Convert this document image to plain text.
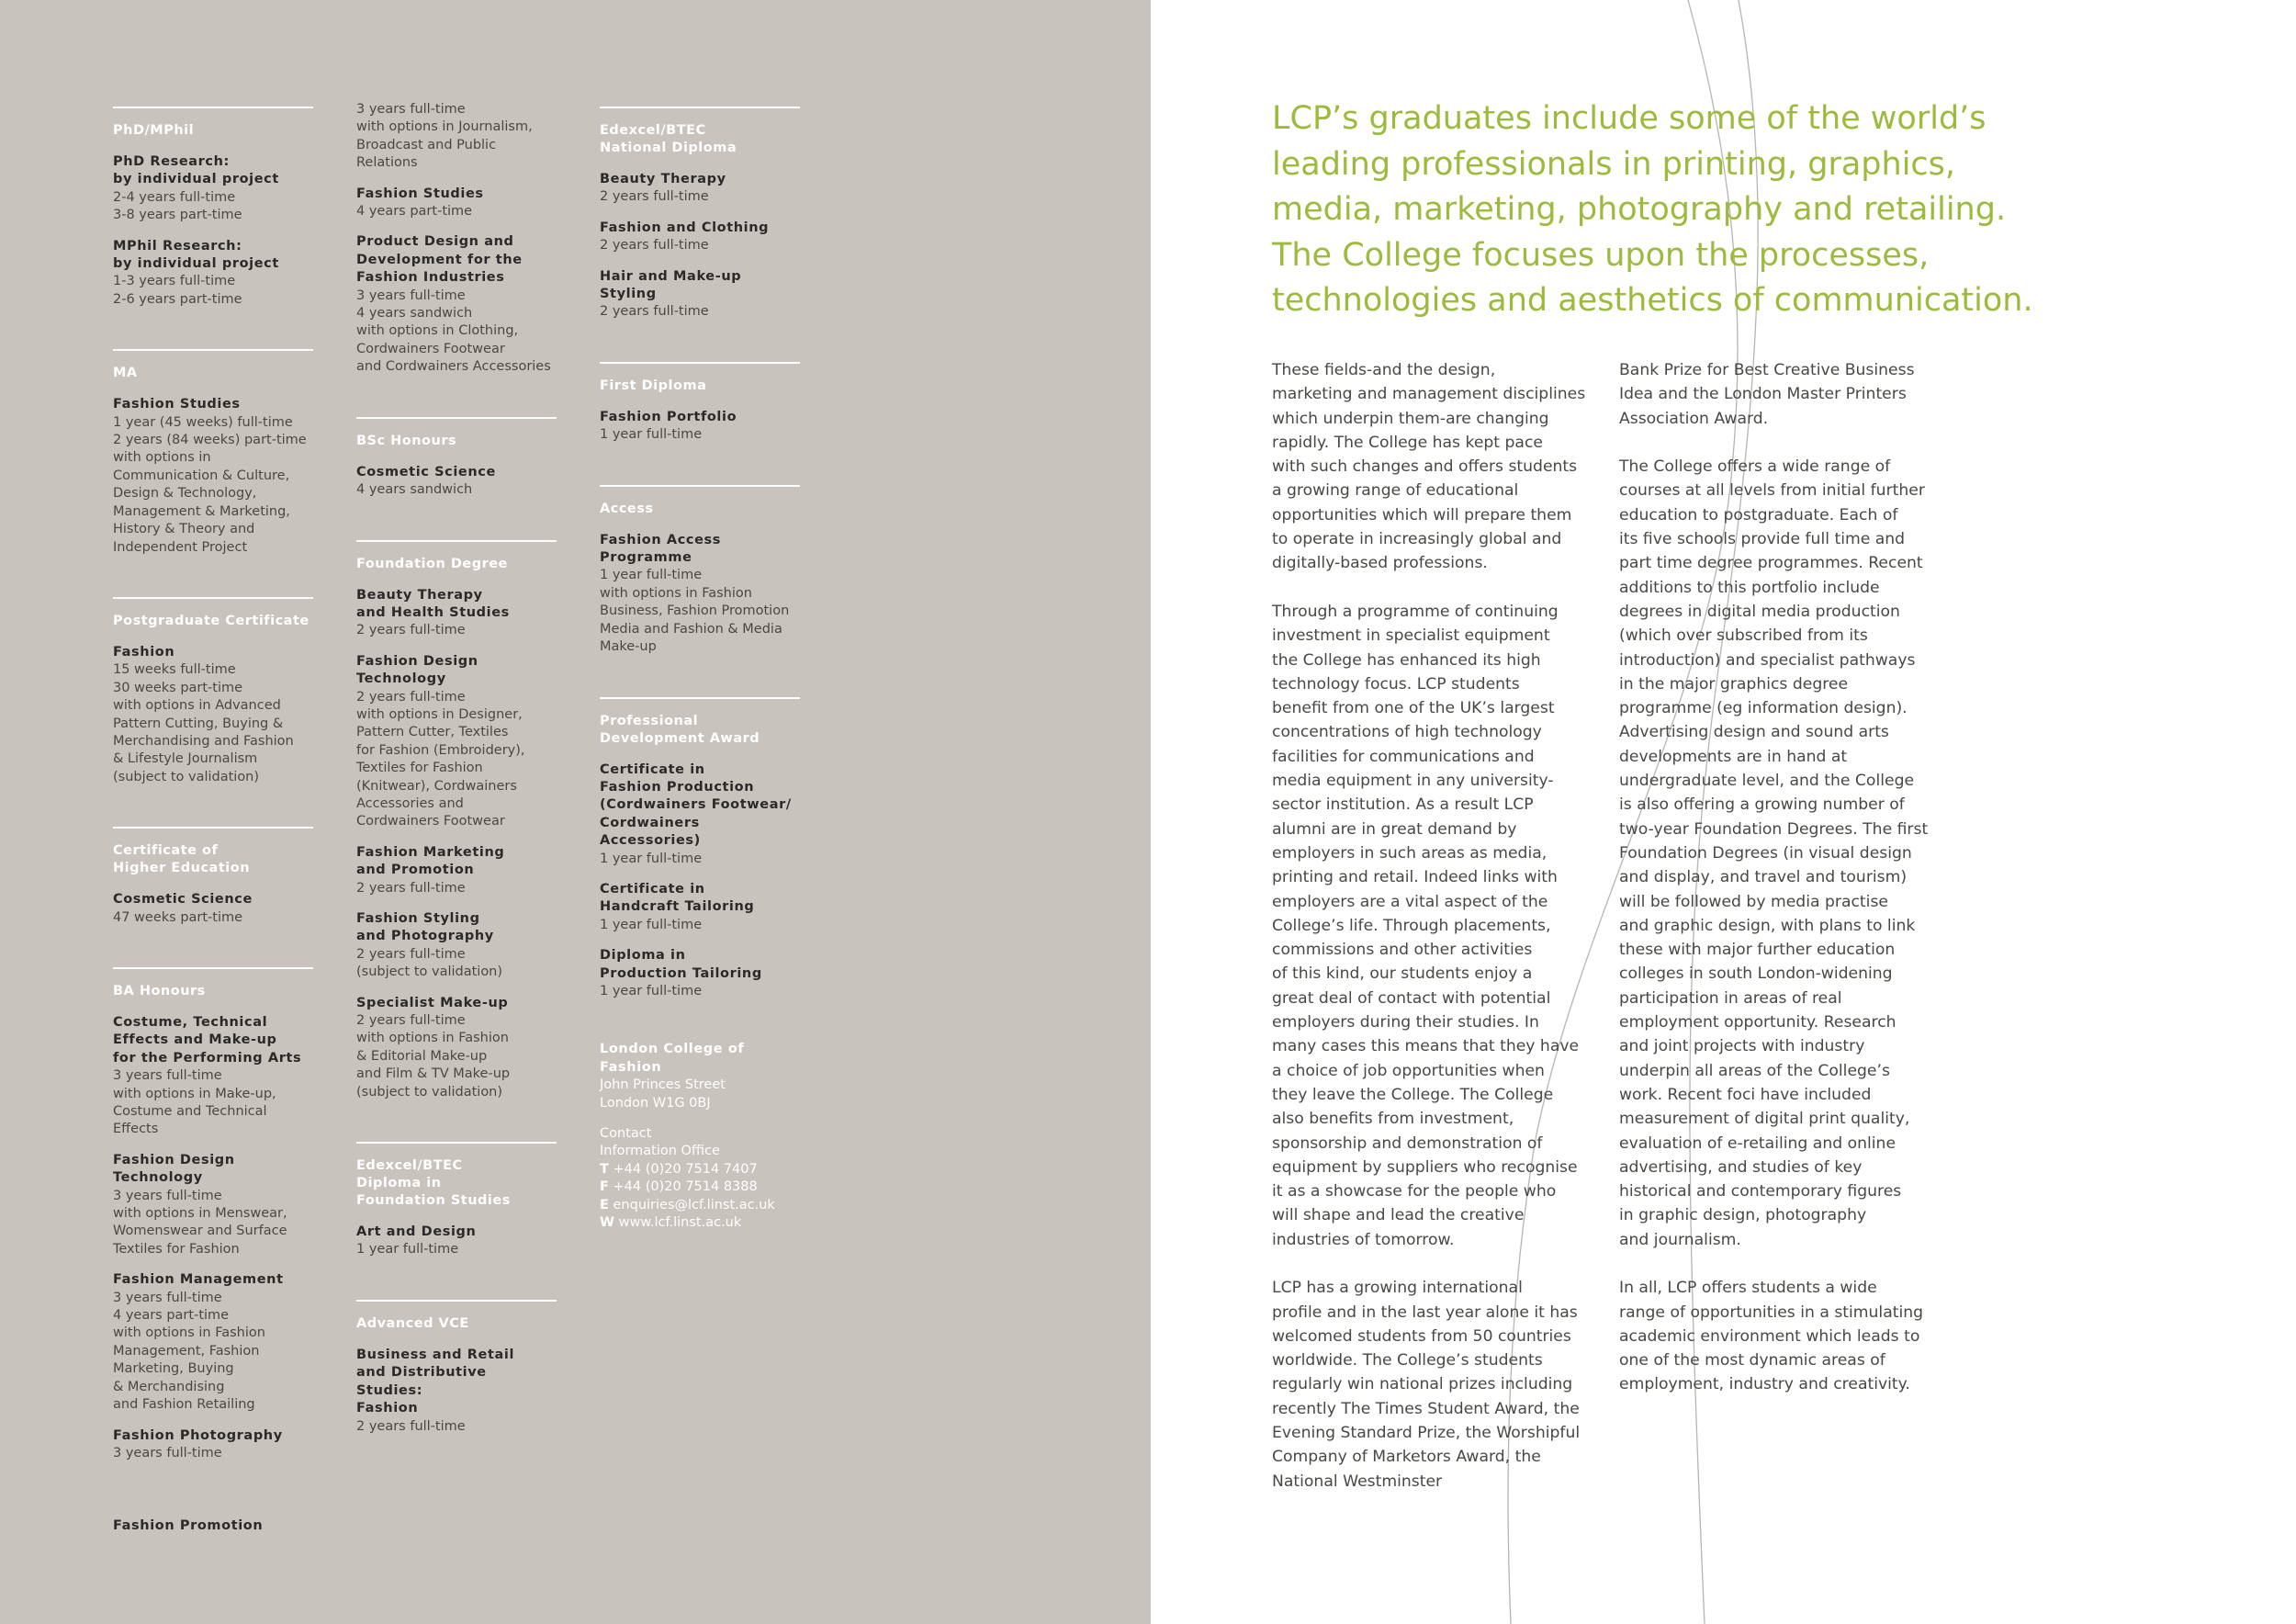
PhD/MPhil
PhD Research:
by individual project
2-4 years full-time
3-8 years part-time
MPhil Research:
by individual project
1-3 years full-time
2-6 years part-time
MA
Fashion Studies
1 year (45 weeks) full-time
2 years (84 weeks) part-time
with options in
Communication & Culture,
Design & Technology,
Management & Marketing,
History & Theory and
Independent Project
Postgraduate Certificate
Fashion
15 weeks full-time
30 weeks part-time
with options in Advanced
Pattern Cutting, Buying &
Merchandising and Fashion
& Lifestyle Journalism
(subject to validation)
Certificate of
Higher Education
Cosmetic Science
47 weeks part-time
BA Honours
Costume, Technical
Effects and Make-up
for the Performing Arts
3 years full-time
with options in Make-up,
Costume and Technical
Effects
Fashion Design Technology
3 years full-time
with options in Menswear,
Womenswear and Surface
Textiles for Fashion
Fashion Management
3 years full-time
4 years part-time
with options in Fashion
Management, Fashion
Marketing, Buying
& Merchandising
and Fashion Retailing
Fashion Photography
3 years full-time
3 years full-time
with options in Journalism,
Broadcast and Public
Relations
Fashion Studies
4 years part-time
Product Design and
Development for the
Fashion Industries
3 years full-time
4 years sandwich
with options in Clothing,
Cordwainers Footwear
and Cordwainers Accessories
BSc Honours
Cosmetic Science
4 years sandwich
Foundation Degree
Beauty Therapy
and Health Studies
2 years full-time
Fashion Design
Technology
2 years full-time
with options in Designer,
Pattern Cutter, Textiles
for Fashion (Embroidery),
Textiles for Fashion
(Knitwear), Cordwainers
Accessories and
Cordwainers Footwear
Fashion Marketing
and Promotion
2 years full-time
Fashion Styling
and Photography
2 years full-time
(subject to validation)
Specialist Make-up
2 years full-time
with options in Fashion
& Editorial Make-up
and Film & TV Make-up
(subject to validation)
Edexcel/BTEC
Diploma in
Foundation Studies
Art and Design
1 year full-time
Advanced VCE
Business and Retail
and Distributive Studies:
Fashion
2 years full-time
Edexcel/BTEC
National Diploma
Beauty Therapy
2 years full-time
Fashion and Clothing
2 years full-time
Hair and Make-up Styling
2 years full-time
First Diploma
Fashion Portfolio
1 year full-time
Access
Fashion Access
Programme
1 year full-time
with options in Fashion
Business, Fashion Promotion
Media and Fashion & Media
Make-up
Professional
Development Award
Certificate in
Fashion Production
(Cordwainers Footwear/
Cordwainers Accessories)
1 year full-time
Certificate in
Handcraft Tailoring
1 year full-time
Diploma in
Production Tailoring
1 year full-time
London College of Fashion
John Princes Street
London W1G 0BJ
Contact
Information Office
T +44 (0)20 7514 7407
F +44 (0)20 7514 8388
E enquiries@lcf.linst.ac.uk
W www.lcf.linst.ac.uk
Fashion Promotion
LCP’s graduates include some of the world’s
leading professionals in printing, graphics,
media, marketing, photography and retailing.
The College focuses upon the processes,
technologies and aesthetics of communication.
These fields-and the design,
marketing and management disciplines
which underpin them-are changing
rapidly. The College has kept pace
with such changes and offers students
a growing range of educational
opportunities which will prepare them
to operate in increasingly global and
digitally-based professions.
Through a programme of continuing
investment in specialist equipment
the College has enhanced its high
technology focus. LCP students
benefit from one of the UK’s largest
concentrations of high technology
facilities for communications and
media equipment in any university-
sector institution. As a result LCP
alumni are in great demand by
employers in such areas as media,
printing and retail. Indeed links with
employers are a vital aspect of the
College’s life. Through placements,
commissions and other activities
of this kind, our students enjoy a
great deal of contact with potential
employers during their studies. In
many cases this means that they have
a choice of job opportunities when
they leave the College. The College
also benefits from investment,
sponsorship and demonstration of
equipment by suppliers who recognise
it as a showcase for the people who
will shape and lead the creative
industries of tomorrow.
LCP has a growing international
profile and in the last year alone it has
welcomed students from 50 countries
worldwide. The College’s students
regularly win national prizes including
recently The Times Student Award, the
Evening Standard Prize, the Worshipful
Company of Marketors Award, the
National Westminster
Bank Prize for Best Creative Business
Idea and the London Master Printers
Association Award.
The College offers a wide range of
courses at all levels from initial further
education to postgraduate. Each of
its five schools provide full time and
part time degree programmes. Recent
additions to this portfolio include
degrees in digital media production
(which over subscribed from its
introduction) and specialist pathways
in the major graphics degree
programme (eg information design).
Advertising design and sound arts
developments are in hand at
undergraduate level, and the College
is also offering a growing number of
two-year Foundation Degrees. The first
Foundation Degrees (in visual design
and display, and travel and tourism)
will be followed by media practise
and graphic design, with plans to link
these with major further education
colleges in south London-widening
participation in areas of real
employment opportunity. Research
and joint projects with industry
underpin all areas of the College’s
work. Recent foci have included
measurement of digital print quality,
evaluation of e-retailing and online
advertising, and studies of key
historical and contemporary figures
in graphic design, photography
and journalism.
In all, LCP offers students a wide
range of opportunities in a stimulating
academic environment which leads to
one of the most dynamic areas of
employment, industry and creativity.
